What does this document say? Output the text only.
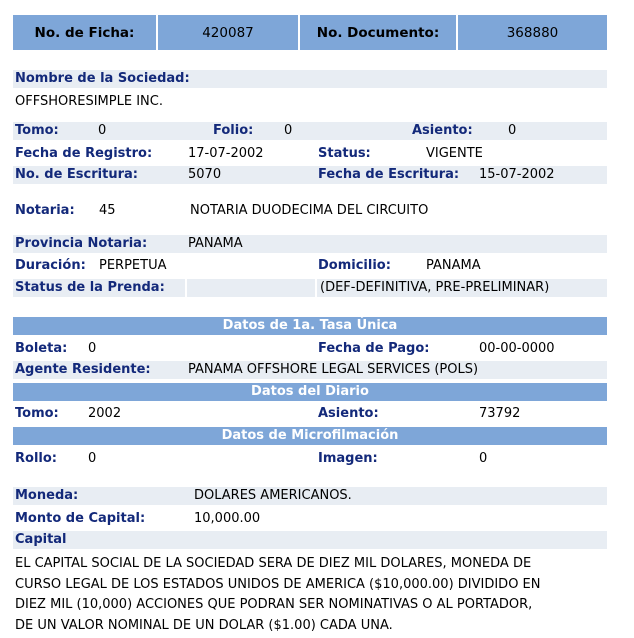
No. de Ficha:	420087	No. Documento:	368880
Nombre de la Sociedad:
OFFSHORESIMPLE INC.
Tomo:	0	Folio: 0	Asiento:	0
Fecha de Registro:	17-07-2002	Status:	VIGENTE
No. de Escritura:	5070	Fecha de Escritura: 15-07-2002
Notaria: 45	NOTARIA DUODECIMA DEL CIRCUITO
Provincia Notaria:	PANAMA
Duración: PERPETUA	Domicilio:	PANAMA
Status de la Prenda:	(DEF-DEFINITIVA, PRE-PRELIMINAR)
Datos de 1a. Tasa Única
Boleta: 0	Fecha de Pago:	00-00-0000
Agente Residente:	PANAMA OFFSHORE LEGAL SERVICES (POLS)
Datos del Diario
Tomo: 2002	Asiento:	73792
Datos de Microfilmación
Rollo: 0	Imagen:	0
Moneda:	DOLARES AMERICANOS.
Monto de Capital:	10,000.00
Capital
EL CAPITAL SOCIAL DE LA SOCIEDAD SERA DE DIEZ MIL DOLARES, MONEDA DE
CURSO LEGAL DE LOS ESTADOS UNIDOS DE AMERICA ($10,000.00) DIVIDIDO EN
DIEZ MIL (10,000) ACCIONES QUE PODRAN SER NOMINATIVAS O AL PORTADOR,
DE UN VALOR NOMINAL DE UN DOLAR ($1.00) CADA UNA.
